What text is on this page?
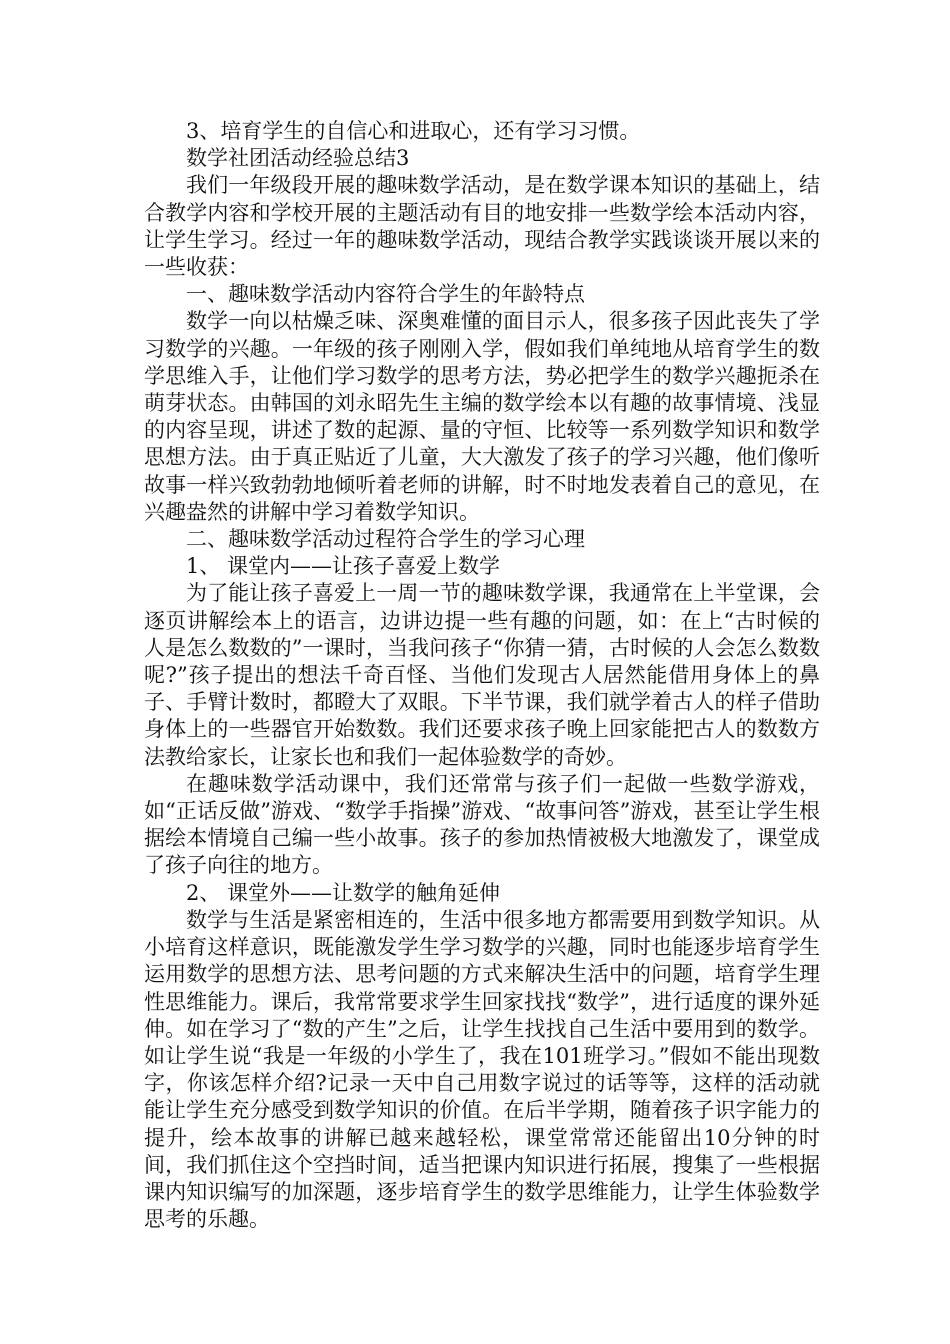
3、培育学生的自信心和进取心，还有学习习惯。

数学社团活动经验总结3

我们一年级段开展的趣味数学活动，是在数学课本知识的基础上，结合教学内容和学校开展的主题活动有目的地安排一些数学绘本活动内容，让学生学习。经过一年的趣味数学活动，现结合教学实践谈谈开展以来的一些收获：

一、趣味数学活动内容符合学生的年龄特点

数学一向以枯燥乏味、深奥难懂的面目示人，很多孩子因此丧失了学习数学的兴趣。一年级的孩子刚刚入学，假如我们单纯地从培育学生的数学思维入手，让他们学习数学的思考方法，势必把学生的数学兴趣扼杀在萌芽状态。由韩国的刘永昭先生主编的数学绘本以有趣的故事情境、浅显的内容呈现，讲述了数的起源、量的守恒、比较等一系列数学知识和数学思想方法。由于真正贴近了儿童，大大激发了孩子的学习兴趣，他们像听故事一样兴致勃勃地倾听着老师的讲解，时不时地发表着自己的意见，在兴趣盎然的讲解中学习着数学知识。

二、趣味数学活动过程符合学生的学习心理

1、 课堂内——让孩子喜爱上数学

为了能让孩子喜爱上一周一节的趣味数学课，我通常在上半堂课，会逐页讲解绘本上的语言，边讲边提一些有趣的问题，如：在上“古时候的人是怎么数数的”一课时，当我问孩子“你猜一猜，古时候的人会怎么数数呢?”孩子提出的想法千奇百怪、当他们发现古人居然能借用身体上的鼻子、手臂计数时，都瞪大了双眼。下半节课，我们就学着古人的样子借助身体上的一些器官开始数数。我们还要求孩子晚上回家能把古人的数数方法教给家长，让家长也和我们一起体验数学的奇妙。

在趣味数学活动课中，我们还常常与孩子们一起做一些数学游戏，如“正话反做”游戏、“数学手指操”游戏、“故事问答”游戏，甚至让学生根据绘本情境自己编一些小故事。孩子的参加热情被极大地激发了，课堂成了孩子向往的地方。

2、 课堂外——让数学的触角延伸

数学与生活是紧密相连的，生活中很多地方都需要用到数学知识。从小培育这样意识，既能激发学生学习数学的兴趣，同时也能逐步培育学生运用数学的思想方法、思考问题的方式来解决生活中的问题，培育学生理性思维能力。课后，我常常要求学生回家找找“数学”，进行适度的课外延伸。如在学习了“数的产生”之后，让学生找找自己生活中要用到的数学。如让学生说“我是一年级的小学生了，我在101班学习。”假如不能出现数字，你该怎样介绍?记录一天中自己用数字说过的话等等，这样的活动就能让学生充分感受到数学知识的价值。在后半学期，随着孩子识字能力的提升，绘本故事的讲解已越来越轻松，课堂常常还能留出10分钟的时间，我们抓住这个空挡时间，适当把课内知识进行拓展，搜集了一些根据课内知识编写的加深题，逐步培育学生的数学思维能力，让学生体验数学思考的乐趣。
